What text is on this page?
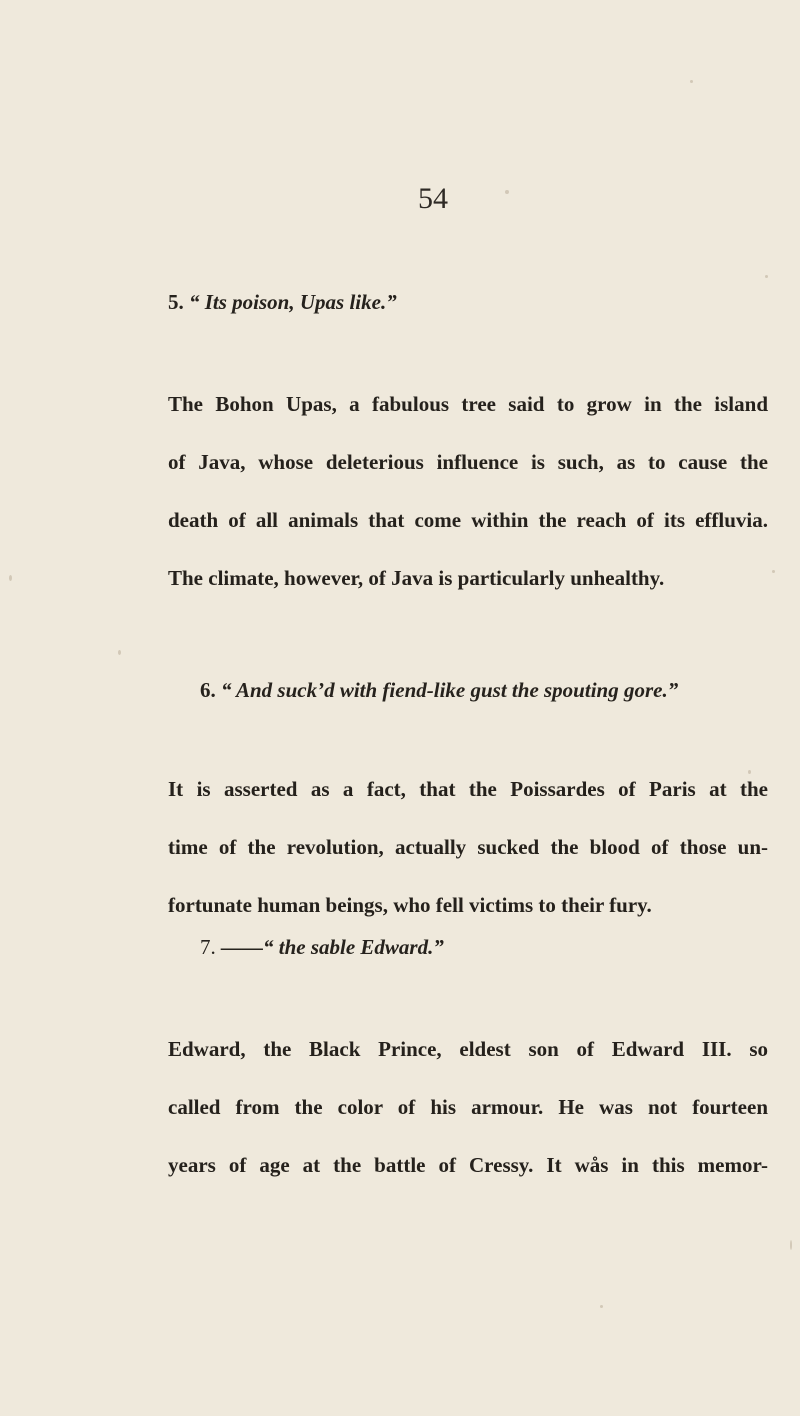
54
5. “ Its poison, Upas like.”
The Bohon Upas, a fabulous tree said to grow in the island
of Java, whose deleterious influence is such, as to cause the
death of all animals that come within the reach of its effluvia.
The climate, however, of Java is particularly unhealthy.
6. “ And suck’d with fiend-like gust the spouting gore.”
It is asserted as a fact, that the Poissardes of Paris at the
time of the revolution, actually sucked the blood of those un-
fortunate human beings, who fell victims to their fury.
7. ——“ the sable Edward.”
Edward, the Black Prince, eldest son of Edward III. so
called from the color of his armour. He was not fourteen
years of age at the battle of Cressy. It wås in this memor-
